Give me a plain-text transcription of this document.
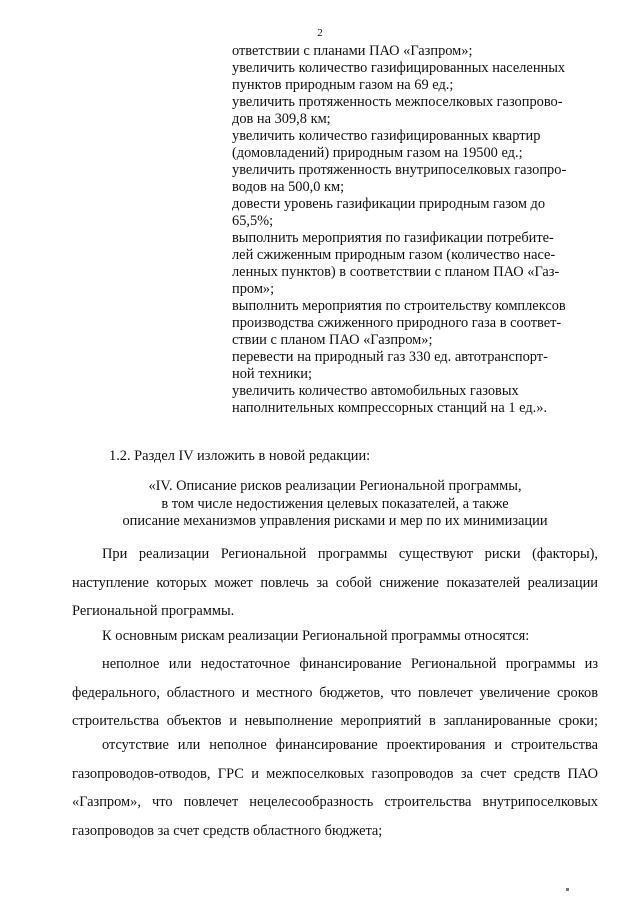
2
ответствии с планами ПАО «Газпром»;
увеличить количество газифицированных населенных
пунктов природным газом на 69 ед.;
увеличить протяженность межпоселковых газопрово-
дов на 309,8 км;
увеличить количество газифицированных квартир
(домовладений) природным газом на 19500 ед.;
увеличить протяженность внутрипоселковых газопро-
водов на 500,0 км;
довести уровень газификации природным газом до
65,5%;
выполнить мероприятия по газификации потребите-
лей сжиженным природным газом (количество насе-
ленных пунктов) в соответствии с планом ПАО «Газ-
пром»;
выполнить мероприятия по строительству комплексов
производства сжиженного природного газа в соответ-
ствии с планом ПАО «Газпром»;
перевести на природный газ 330 ед. автотранспорт-
ной техники;
увеличить количество автомобильных газовых
наполнительных компрессорных станций на 1 ед.».
1.2. Раздел IV изложить в новой редакции:
«IV. Описание рисков реализации Региональной программы,
в том числе недостижения целевых показателей, а также
описание механизмов управления рисками и мер по их минимизации
При реализации Региональной программы существуют риски (факторы),
наступление которых может повлечь за собой снижение показателей реализации
Региональной программы.
К основным рискам реализации Региональной программы относятся:
неполное или недостаточное финансирование Региональной программы из
федерального, областного и местного бюджетов, что повлечет увеличение сроков
строительства объектов и невыполнение мероприятий в запланированные сроки;
отсутствие или неполное финансирование проектирования и строительства
газопроводов-отводов, ГРС и межпоселковых газопроводов за счет средств ПАО
«Газпром», что повлечет нецелесообразность строительства внутрипоселковых
газопроводов за счет средств областного бюджета;
